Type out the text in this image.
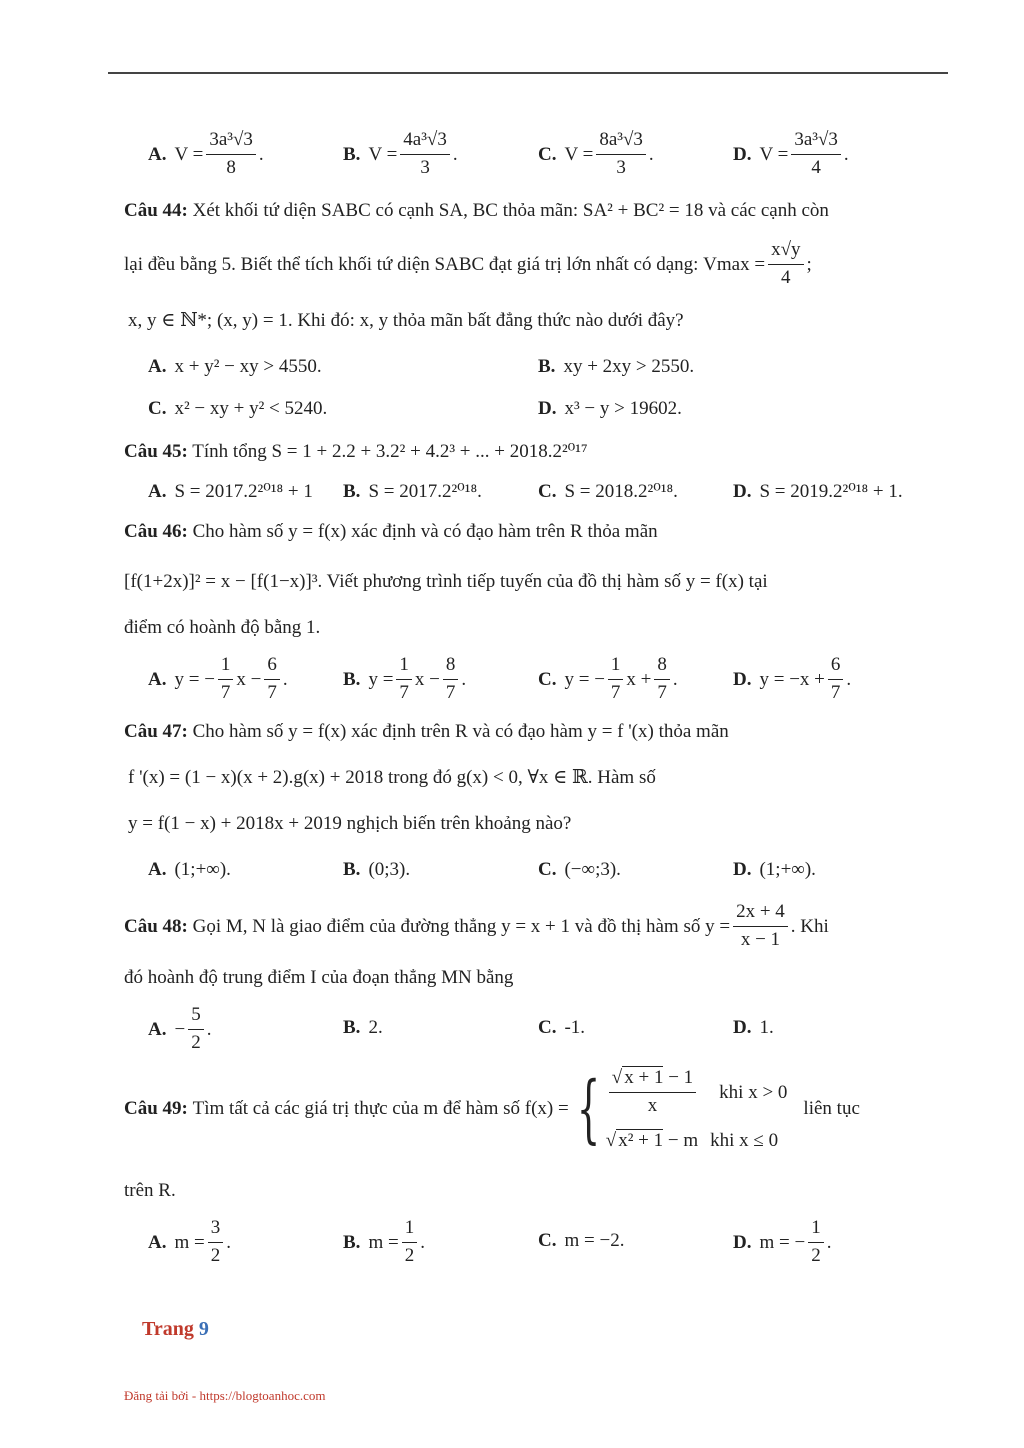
A. $V = \frac{\text{3a³√3}}{8}$ .	B. $V = \frac{\text{4a³√3}}{3}$ .	C. $V = \frac{\text{8a³√3}}{3}$ .	D. $V = \frac{\text{3a³√3}}{4}$ .
Câu 44: Xét khối tứ diện SABC có cạnh SA, BC thỏa mãn: SA² + BC² = 18 và các cạnh còn
lại đều bằng 5. Biết thể tích khối tứ diện SABC đạt giá trị lớn nhất có dạng:
$Vmax = \frac{x√y}{4}$ ;
x, y ∈ ℕ*; (x, y) = 1. Khi đó: x, y thỏa mãn bất đẳng thức nào dưới đây?
A. x + y² − xy > 4550.	B. xy + 2xy > 2550.
C. x² − xy + y² < 5240.	D. x³ − y > 19602.
Câu 45: Tính tổng S = 1 + 2.2 + 3.2² + 4.2³ + ... + 2018.2²⁰¹⁷
A. S = 2017.2²⁰¹⁸ + 1 B. S = 2017.2²⁰¹⁸.	C. S = 2018.2²⁰¹⁸.	D. S = 2019.2²⁰¹⁸ + 1.
Câu 46: Cho hàm số y = f(x) xác định và có đạo hàm trên R thỏa mãn
[f(1+2x)]² = x − [f(1−x)]³. Viết phương trình tiếp tuyến của đồ thị hàm số y = f(x) tại
điểm có hoành độ bằng 1.
A. y = − $\frac{1}{7}$ $x - \frac{6}{7}$ .	B. $y = \frac{1}{7}$ $x - \frac{8}{7}$ .	C. y = − $\frac{1}{7}$ $x + \frac{8}{7}$ .	D. $y = -x + \frac{6}{7}$ .
Câu 47: Cho hàm số y = f(x) xác định trên R và có đạo hàm y = f '(x) thỏa mãn
f '(x) = (1 − x)(x + 2).g(x) + 2018 trong đó g(x) < 0, ∀x ∈ ℝ. Hàm số
y = f(1 − x) + 2018x + 2019 nghịch biến trên khoảng nào?
A. (1;+∞).	B. (0;3).	C. (−∞;3).	D. (1;+∞).
Câu 48:
Gọi M, N là giao điểm của đường thẳng y = x + 1 và đồ thị hàm số
$y = \frac{2x + 4}{x - 1}$ . Khi
đó hoành độ trung điểm I của đoạn thẳng MN bằng
A. − $\frac{5}{2}$ .	B. 2.	C. -1.	D. 1.
Câu 49:
Tìm tất cả các giá trị thực của m để hàm số
f(x) = { $\frac{√ x + 1 - 1}{x}$ khi x > 0
√ x² + 1 − m khi x ≤ 0
liên tục
trên R.
A. $m = \frac{3}{2}$ .	B. $m = \frac{1}{2}$ .	C. m = −2.	D. m = − $\frac{1}{2}$ .
Trang 9
Đăng tải bởi - https://blogtoanhoc.com
